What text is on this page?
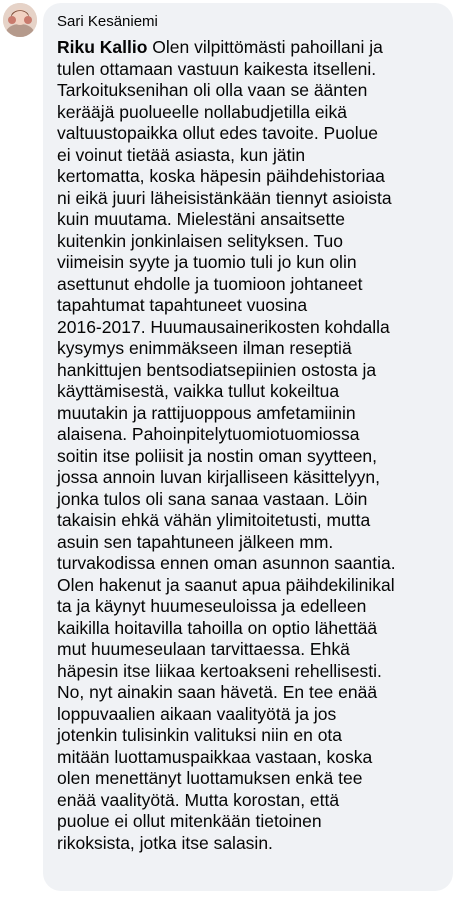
Sari Kesäniemi
Riku Kallio Olen vilpittömästi pahoillani ja
tulen ottamaan vastuun kaikesta itselleni.
Tarkoituksenihan oli olla vaan se äänten
kerääjä puolueelle nollabudjetilla eikä
valtuustopaikka ollut edes tavoite. Puolue
ei voinut tietää asiasta, kun jätin
kertomatta, koska häpesin päihdehistoriaa
ni eikä juuri läheisistänkään tiennyt asioista
kuin muutama. Mielestäni ansaitsette
kuitenkin jonkinlaisen selityksen. Tuo
viimeisin syyte ja tuomio tuli jo kun olin
asettunut ehdolle ja tuomioon johtaneet
tapahtumat tapahtuneet vuosina
2016-2017. Huumausainerikosten kohdalla
kysymys enimmäkseen ilman reseptiä
hankittujen bentsodiatsepiinien ostosta ja
käyttämisestä, vaikka tullut kokeiltua
muutakin ja rattijuoppous amfetamiinin
alaisena. Pahoinpitelytuomiotuomiossa
soitin itse poliisit ja nostin oman syytteen,
jossa annoin luvan kirjalliseen käsittelyyn,
jonka tulos oli sana sanaa vastaan. Löin
takaisin ehkä vähän ylimitoitetusti, mutta
asuin sen tapahtuneen jälkeen mm.
turvakodissa ennen oman asunnon saantia.
Olen hakenut ja saanut apua päihdekilinikal
ta ja käynyt huumeseuloissa ja edelleen
kaikilla hoitavilla tahoilla on optio lähettää
mut huumeseulaan tarvittaessa. Ehkä
häpesin itse liikaa kertoakseni rehellisesti.
No, nyt ainakin saan hävetä. En tee enää
loppuvaalien aikaan vaalityötä ja jos
jotenkin tulisinkin valituksi niin en ota
mitään luottamuspaikkaa vastaan, koska
olen menettänyt luottamuksen enkä tee
enää vaalityötä. Mutta korostan, että
puolue ei ollut mitenkään tietoinen
rikoksista, jotka itse salasin.
